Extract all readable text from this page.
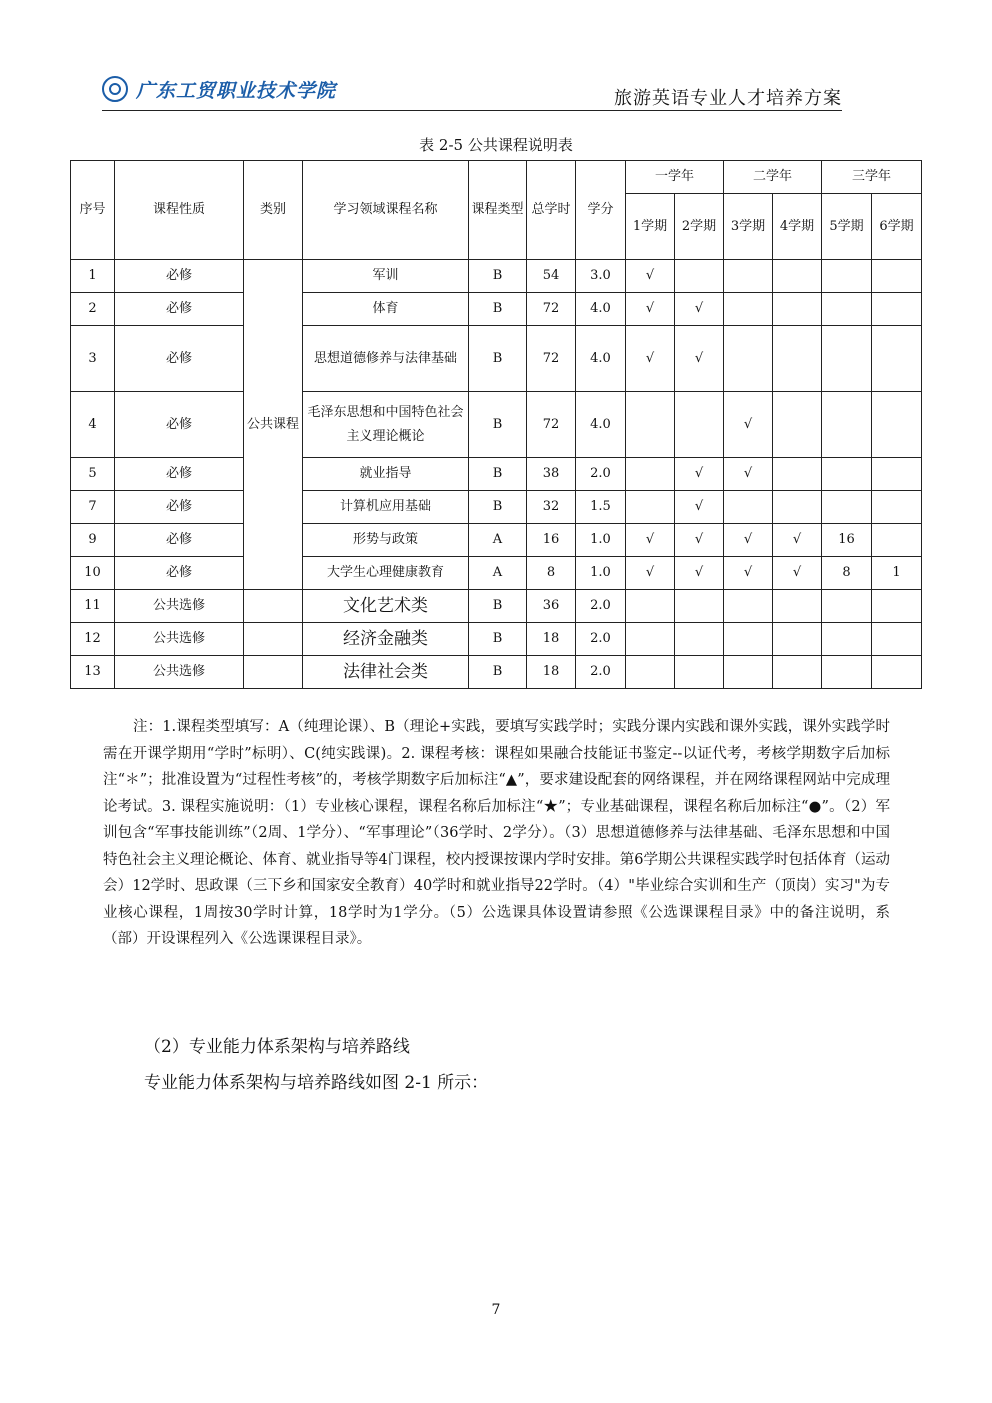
广东工贸职业技术学院	旅游英语专业人才培养方案
表 2-5 公共课程说明表
序号	课程性质	类别	学习领域课程名称	课程类型	总学时	学分	一学年		二学年		三学年	
							1学期	2学期	3学期	4学期	5学期	6学期
1	必修	公共课程	军训	B	54	3.0	√					
2	必修		体育	B	72	4.0	√	√				
3	必修		思想道德修养与法律基础	B	72	4.0	√	√				
4	必修		毛泽东思想和中国特色社会主义理论概论	B	72	4.0			√			
5	必修		就业指导	B	38	2.0		√	√			
7	必修		计算机应用基础	B	32	1.5		√				
9	必修		形势与政策	A	16	1.0	√	√	√	√	16	
10	必修		大学生心理健康教育	A	8	1.0	√	√	√	√	8	1
11	公共选修		文化艺术类	B	36	2.0						
12	公共选修		经济金融类	B	18	2.0						
13	公共选修		法律社会类	B	18	2.0						
注：1.课程类型填写：A（纯理论课）、B（理论+实践，要填写实践学时；实践分课内实践和课外实践，课外实践学时需在开课学期用“学时”标明）、C(纯实践课)。2. 课程考核：课程如果融合技能证书鉴定--以证代考，考核学期数字后加标注“＊”；批准设置为“过程性考核”的，考核学期数字后加标注“▲”，要求建设配套的网络课程，并在网络课程网站中完成理论考试。3. 课程实施说明：（1）专业核心课程，课程名称后加标注“★”；专业基础课程，课程名称后加标注“●”。（2）军训包含“军事技能训练”（2周、1学分）、“军事理论”（36学时、2学分）。（3）思想道德修养与法律基础、毛泽东思想和中国特色社会主义理论概论、体育、就业指导等4门课程，校内授课按课内学时安排。第6学期公共课程实践学时包括体育（运动会）12学时、思政课（三下乡和国家安全教育）40学时和就业指导22学时。（4）"毕业综合实训和生产（顶岗）实习"为专业核心课程，1周按30学时计算，18学时为1学分。（5）公选课具体设置请参照《公选课课程目录》中的备注说明，系（部）开设课程列入《公选课课程目录》。
（2）专业能力体系架构与培养路线
专业能力体系架构与培养路线如图 2-1 所示：
7
